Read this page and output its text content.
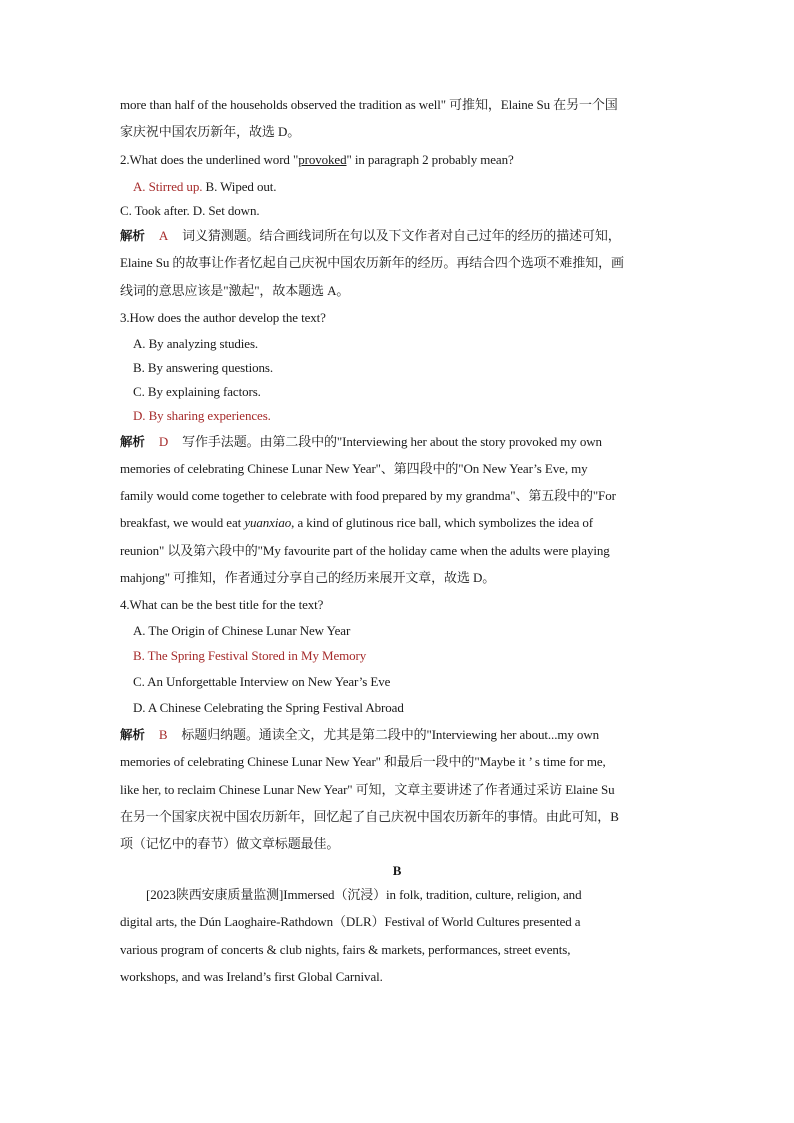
more than half of the households observed the tradition as well" 可推知，Elaine Su 在另一个国
家庆祝中国农历新年，故选 D。
2.What does the underlined word "provoked" in paragraph 2 probably mean?
C. Took after. D. Set down.
Elaine Su 的故事让作者忆起自己庆祝中国农历新年的经历。再结合四个选项不难推知，画
线词的意思应该是"激起"，故本题选 A。
3.How does the author develop the text?
memories of celebrating Chinese Lunar New Year"、第四段中的"On New Year’s Eve, my
family would come together to celebrate with food prepared by my grandma"、第五段中的"For
reunion" 以及第六段中的"My favourite part of the holiday came when the adults were playing
mahjong" 可推知，作者通过分享自己的经历来展开文章，故选 D。
4.What can be the best title for the text?
memories of celebrating Chinese Lunar New Year" 和最后一段中的"Maybe it ’ s time for me,
like her, to reclaim Chinese Lunar New Year" 可知，文章主要讲述了作者通过采访 Elaine Su
在另一个国家庆祝中国农历新年，回忆起了自己庆祝中国农历新年的事情。由此可知，B
项（记忆中的春节）做文章标题最佳。
digital arts, the Dún Laoghaire-Rathdown（DLR）Festival of World Cultures presented a
various program of concerts & club nights, fairs & markets, performances, street events,
workshops, and was Ireland’s first Global Carnival.
A. Stirred up. B. Wiped out.
A. By analyzing studies.
B. By answering questions.
C. By explaining factors.
D. By sharing experiences.
A. The Origin of Chinese Lunar New Year
B. The Spring Festival Stored in My Memory
C. An Unforgettable Interview on New Year’s Eve
D. A Chinese Celebrating the Spring Festival Abroad
解析 A 词义猜测题。结合画线词所在句以及下文作者对自己过年的经历的描述可知，
解析 D 写作手法题。由第二段中的"Interviewing her about the story provoked my own
解析 B 标题归纳题。通读全文，尤其是第二段中的"Interviewing her about...my own
breakfast, we would eat yuanxiao, a kind of glutinous rice ball, which symbolizes the idea of
B
[2023陕西安康质量监测]Immersed（沉浸）in folk, tradition, culture, religion, and
